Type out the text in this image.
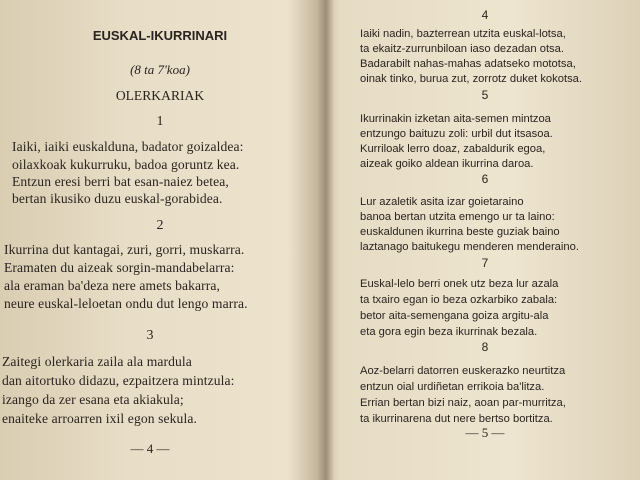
EUSKAL-IKURRINARI
(8 ta 7'koa)
OLERKARIAK
1
Iaiki, iaiki euskalduna, badator goizaldea:
oilaxkoak kukurruku, badoa goruntz kea.
Entzun eresi berri bat esan-naiez betea,
bertan ikusiko duzu euskal-gorabidea.
2
Ikurrina dut kantagai, zuri, gorri, muskarra.
Eramaten du aizeak sorgin-mandabelarra:
ala eraman ba'deza nere amets bakarra,
neure euskal-leloetan ondu dut lengo marra.
3
Zaitegi olerkaria zaila ala mardula
dan aitortuko didazu, ezpaitzera mintzula:
izango da zer esana eta akiakula;
enaiteke arroarren ixil egon sekula.
— 4 —
4
Iaiki nadin, bazterrean utzita euskal-lotsa,
ta ekaitz-zurrunbiloan iaso dezadan otsa.
Badarabilt nahas-mahas adatseko mototsa,
oinak tinko, burua zut, zorrotz duket kokotsa.
5
Ikurrinakin izketan aita-semen mintzoa
entzungo baituzu zoli: urbil dut itsasoa.
Kurriloak lerro doaz, zabaldurik egoa,
aizeak goiko aldean ikurrina daroa.
6
Lur azaletik asita izar goietaraino
banoa bertan utzita emengo ur ta laino:
euskaldunen ikurrina beste guziak baino
laztanago baitukegu menderen menderaino.
7
Euskal-lelo berri onek utz beza lur azala
ta txairo egan io beza ozkarbiko zabala:
betor aita-semengana goiza argitu-ala
eta gora egin beza ikurrinak bezala.
8
Aoz-belarri datorren euskerazko neurtitza
entzun oial urdiñetan errikoia ba'litza.
Errian bertan bizi naiz, aoan par-murritza,
ta ikurrinarena dut nere bertso bortitza.
— 5 —
